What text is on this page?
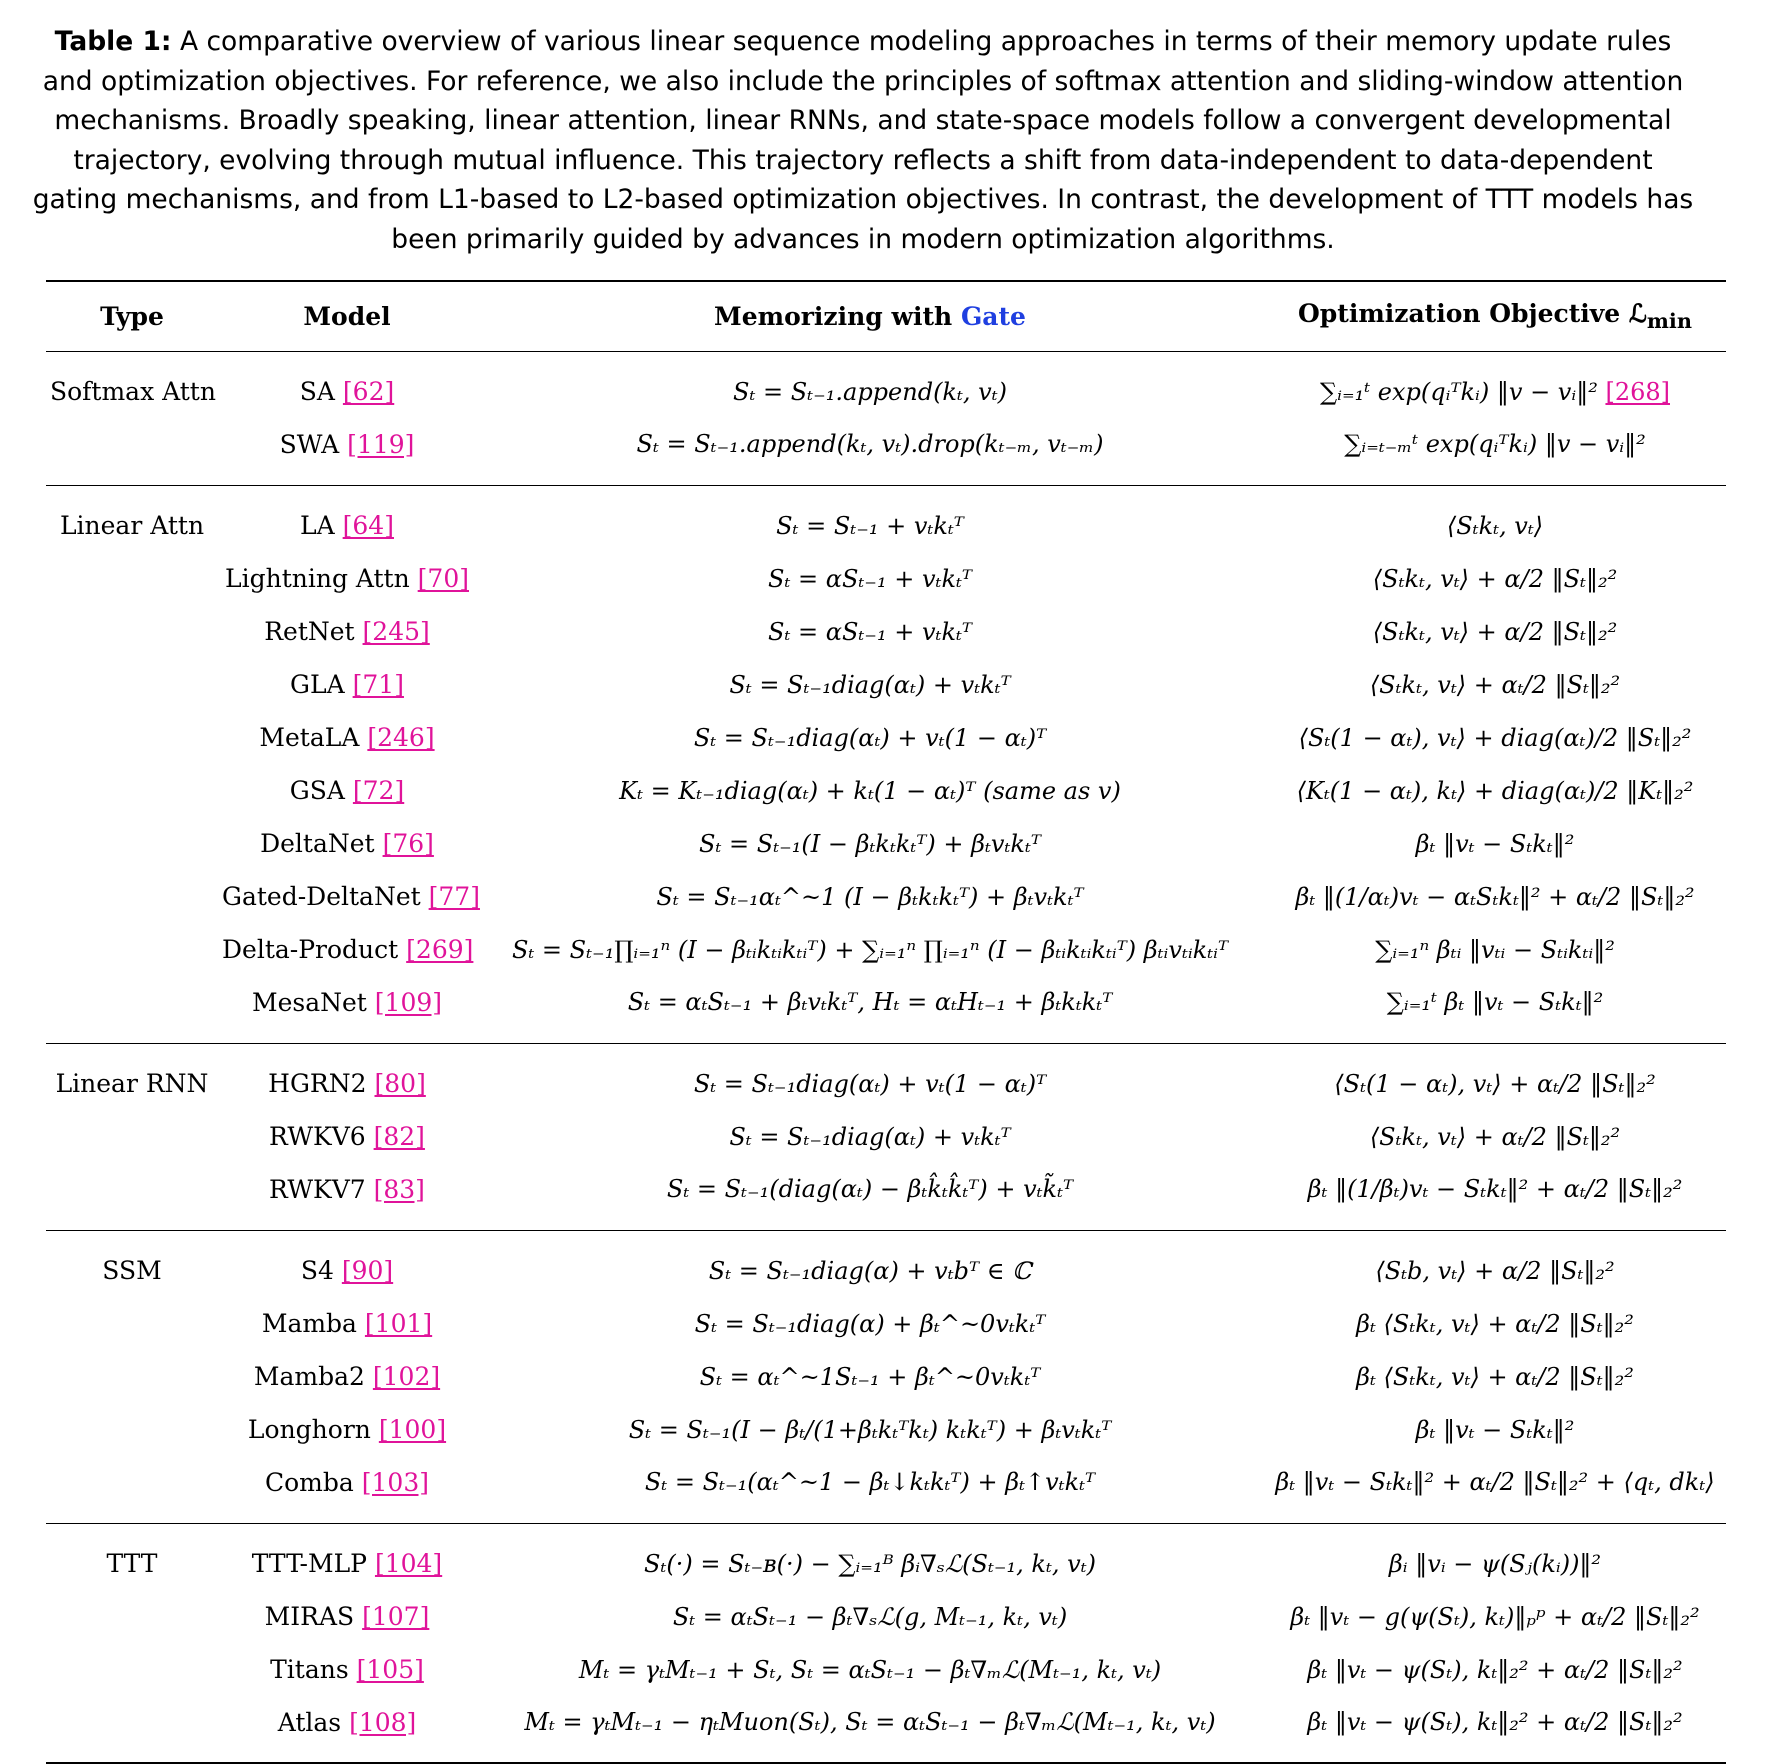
Table 1: A comparative overview of various linear sequence modeling approaches in terms of their memory update rules and optimization objectives. For reference, we also include the principles of softmax attention and sliding-window attention mechanisms. Broadly speaking, linear attention, linear RNNs, and state-space models follow a convergent developmental trajectory, evolving through mutual influence. This trajectory reflects a shift from data-independent to data-dependent gating mechanisms, and from L1-based to L2-based optimization objectives. In contrast, the development of TTT models has been primarily guided by advances in modern optimization algorithms.
Type	Model	Memorizing with Gate	Optimization Objective ℒ$_{min}$
Softmax Attn	SA [62]	Sₜ = Sₜ₋₁.append(kₜ, vₜ)	∑ᵢ₌₁ᵗ exp(qᵢᵀkᵢ) ‖v − vᵢ‖² [268]
	SWA [119]	Sₜ = Sₜ₋₁.append(kₜ, vₜ).drop(kₜ₋ₘ, vₜ₋ₘ)	∑ᵢ₌ₜ₋ₘᵗ exp(qᵢᵀkᵢ) ‖v − vᵢ‖²
Linear Attn	LA [64]	Sₜ = Sₜ₋₁ + vₜkₜᵀ	⟨Sₜkₜ, vₜ⟩
	Lightning Attn [70]	Sₜ = αSₜ₋₁ + vₜkₜᵀ	⟨Sₜkₜ, vₜ⟩ + α/2 ‖Sₜ‖₂²
	RetNet [245]	Sₜ = αSₜ₋₁ + vₜkₜᵀ	⟨Sₜkₜ, vₜ⟩ + α/2 ‖Sₜ‖₂²
	GLA [71]	Sₜ = Sₜ₋₁diag(αₜ) + vₜkₜᵀ	⟨Sₜkₜ, vₜ⟩ + αₜ/2 ‖Sₜ‖₂²
	MetaLA [246]	Sₜ = Sₜ₋₁diag(αₜ) + vₜ(1 − αₜ)ᵀ	⟨Sₜ(1 − αₜ), vₜ⟩ + diag(αₜ)/2 ‖Sₜ‖₂²
	GSA [72]	Kₜ = Kₜ₋₁diag(αₜ) + kₜ(1 − αₜ)ᵀ (same as v)	⟨Kₜ(1 − αₜ), kₜ⟩ + diag(αₜ)/2 ‖Kₜ‖₂²
	DeltaNet [76]	Sₜ = Sₜ₋₁(I − βₜkₜkₜᵀ) + βₜvₜkₜᵀ	βₜ ‖vₜ − Sₜkₜ‖²
	Gated-DeltaNet [77]	Sₜ = Sₜ₋₁αₜ^~1 (I − βₜkₜkₜᵀ) + βₜvₜkₜᵀ	βₜ ‖(1/αₜ)vₜ − αₜSₜkₜ‖² + αₜ/2 ‖Sₜ‖₂²
	Delta-Product [269]	Sₜ = Sₜ₋₁∏ᵢ₌₁ⁿ (I − βₜᵢkₜᵢkₜᵢᵀ) + ∑ᵢ₌₁ⁿ ∏ᵢ₌₁ⁿ (I − βₜᵢkₜᵢkₜᵢᵀ) βₜᵢvₜᵢkₜᵢᵀ	∑ᵢ₌₁ⁿ βₜᵢ ‖vₜᵢ − Sₜᵢkₜᵢ‖²
	MesaNet [109]	Sₜ = αₜSₜ₋₁ + βₜvₜkₜᵀ, Hₜ = αₜHₜ₋₁ + βₜkₜkₜᵀ	∑ᵢ₌₁ᵗ βₜ ‖vₜ − Sₜkₜ‖²
Linear RNN	HGRN2 [80]	Sₜ = Sₜ₋₁diag(αₜ) + vₜ(1 − αₜ)ᵀ	⟨Sₜ(1 − αₜ), vₜ⟩ + αₜ/2 ‖Sₜ‖₂²
	RWKV6 [82]	Sₜ = Sₜ₋₁diag(αₜ) + vₜkₜᵀ	⟨Sₜkₜ, vₜ⟩ + αₜ/2 ‖Sₜ‖₂²
	RWKV7 [83]	Sₜ = Sₜ₋₁(diag(αₜ) − βₜk̂ₜk̂ₜᵀ) + vₜk̃ₜᵀ	βₜ ‖(1/βₜ)vₜ − Sₜkₜ‖² + αₜ/2 ‖Sₜ‖₂²
SSM	S4 [90]	Sₜ = Sₜ₋₁diag(α) + vₜbᵀ ∈ ℂ	⟨Sₜb, vₜ⟩ + α/2 ‖Sₜ‖₂²
	Mamba [101]	Sₜ = Sₜ₋₁diag(α) + βₜ^~0vₜkₜᵀ	βₜ ⟨Sₜkₜ, vₜ⟩ + αₜ/2 ‖Sₜ‖₂²
	Mamba2 [102]	Sₜ = αₜ^~1Sₜ₋₁ + βₜ^~0vₜkₜᵀ	βₜ ⟨Sₜkₜ, vₜ⟩ + αₜ/2 ‖Sₜ‖₂²
	Longhorn [100]	Sₜ = Sₜ₋₁(I − βₜ/(1+βₜkₜᵀkₜ) kₜkₜᵀ) + βₜvₜkₜᵀ	βₜ ‖vₜ − Sₜkₜ‖²
	Comba [103]	Sₜ = Sₜ₋₁(αₜ^~1 − βₜ↓kₜkₜᵀ) + βₜ↑vₜkₜᵀ	βₜ ‖vₜ − Sₜkₜ‖² + αₜ/2 ‖Sₜ‖₂² + ⟨qₜ, dkₜ⟩
TTT	TTT-MLP [104]	Sₜ(·) = Sₜ₋ʙ(·) − ∑ᵢ₌₁ᴮ βᵢ∇ₛℒ(Sₜ₋₁, kₜ, vₜ)	βᵢ ‖vᵢ − ψ(Sⱼ(kᵢ))‖²
	MIRAS [107]	Sₜ = αₜSₜ₋₁ − βₜ∇ₛℒ(g, Mₜ₋₁, kₜ, vₜ)	βₜ ‖vₜ − g(ψ(Sₜ), kₜ)‖ₚᵖ + αₜ/2 ‖Sₜ‖₂²
	Titans [105]	Mₜ = γₜMₜ₋₁ + Sₜ, Sₜ = αₜSₜ₋₁ − βₜ∇ₘℒ(Mₜ₋₁, kₜ, vₜ)	βₜ ‖vₜ − ψ(Sₜ), kₜ‖₂² + αₜ/2 ‖Sₜ‖₂²
	Atlas [108]	Mₜ = γₜMₜ₋₁ − ηₜMuon(Sₜ), Sₜ = αₜSₜ₋₁ − βₜ∇ₘℒ(Mₜ₋₁, kₜ, vₜ)	βₜ ‖vₜ − ψ(Sₜ), kₜ‖₂² + αₜ/2 ‖Sₜ‖₂²
